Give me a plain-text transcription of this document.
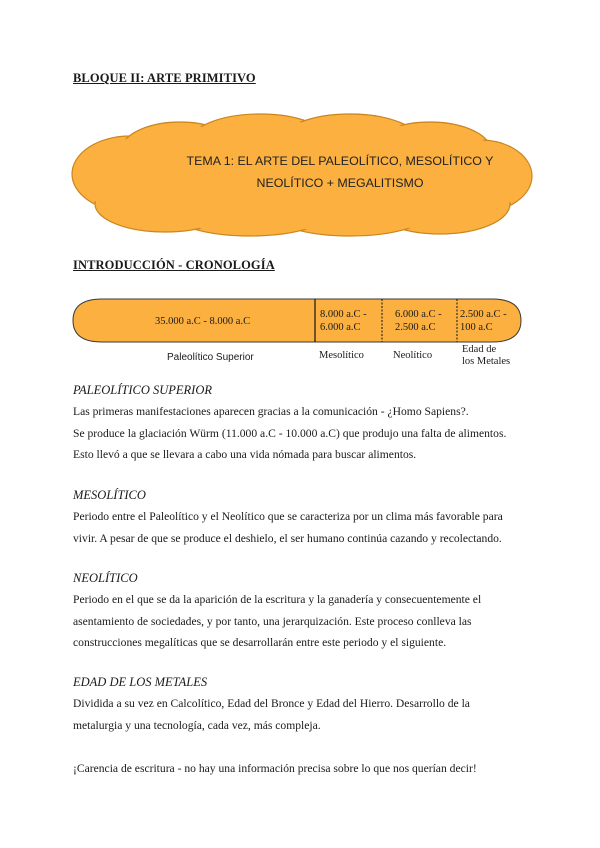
BLOQUE II: ARTE PRIMITIVO

TEMA 1: EL ARTE DEL PALEOLÍTICO, MESOLÍTICO Y
NEOLÍTICO + MEGALITISMO

INTRODUCCIÓN - CRONOLOGÍA

35.000 a.C - 8.000 a.C
8.000 a.C -
6.000 a.C
6.000 a.C -
2.500 a.C
2.500 a.C -
100 a.C
Paleolítico Superior	Mesolítico	Neolítico
Edad de
los Metales

PALEOLÍTICO SUPERIOR

Las primeras manifestaciones aparecen gracias a la comunicación - ¿Homo Sapiens?.
Se produce la glaciación Würm (11.000 a.C - 10.000 a.C) que produjo una falta de alimentos.
Esto llevó a que se llevara a cabo una vida nómada para buscar alimentos.

MESOLÍTICO

Periodo entre el Paleolítico y el Neolítico que se caracteriza por un clima más favorable para
vivir. A pesar de que se produce el deshielo, el ser humano continúa cazando y recolectando.

NEOLÍTICO

Periodo en el que se da la aparición de la escritura y la ganadería y consecuentemente el
asentamiento de sociedades, y por tanto, una jerarquización. Este proceso conlleva las
construcciones megalíticas que se desarrollarán entre este periodo y el siguiente.

EDAD DE LOS METALES

Dividida a su vez en Calcolítico, Edad del Bronce y Edad del Hierro. Desarrollo de la
metalurgia y una tecnología, cada vez, más compleja.
¡Carencia de escritura - no hay una información precisa sobre lo que nos querían decir!
